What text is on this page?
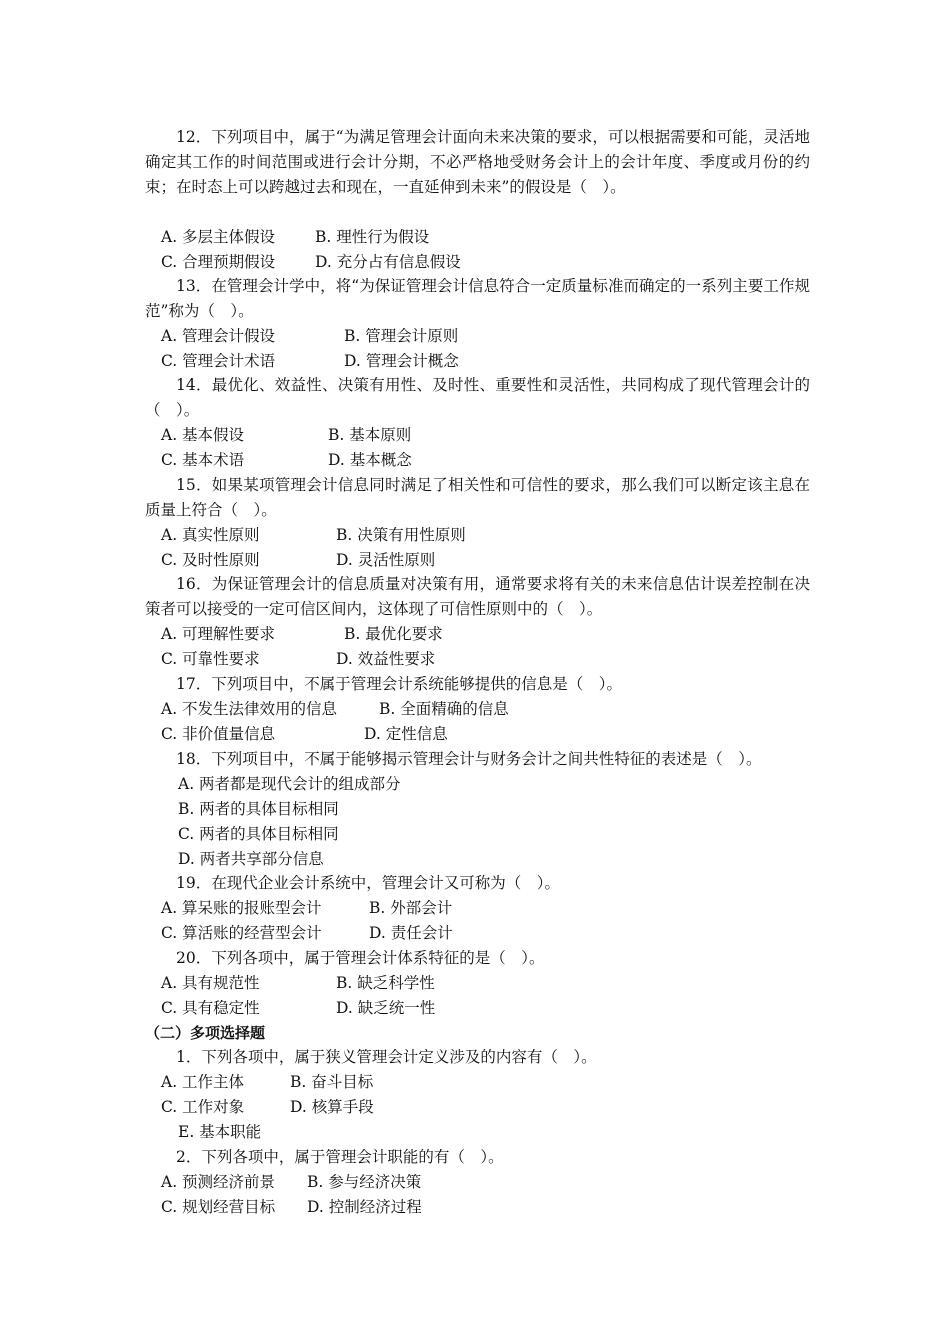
12．下列项目中，属于“为满足管理会计面向未来决策的要求，可以根据需要和可能，灵活地确定其工作的时间范围或进行会计分期，不必严格地受财务会计上的会计年度、季度或月份的约束；在时态上可以跨越过去和现在，一直延伸到未来”的假设是（　）。

A. 多层主体假设	B. 理性行为假设

C. 合理预期假设	D. 充分占有信息假设

13．在管理会计学中，将“为保证管理会计信息符合一定质量标准而确定的一系列主要工作规范”称为（　）。

A. 管理会计假设	B. 管理会计原则

C. 管理会计术语	D. 管理会计概念

14．最优化、效益性、决策有用性、及时性、重要性和灵活性，共同构成了现代管理会计的（　）。

A. 基本假设	B. 基本原则

C. 基本术语	D. 基本概念

15．如果某项管理会计信息同时满足了相关性和可信性的要求，那么我们可以断定该主息在质量上符合（　）。

A. 真实性原则	B. 决策有用性原则

C. 及时性原则	D. 灵活性原则

16．为保证管理会计的信息质量对决策有用，通常要求将有关的未来信息估计误差控制在决策者可以接受的一定可信区间内，这体现了可信性原则中的（　）。

A. 可理解性要求	B. 最优化要求

C. 可靠性要求	D. 效益性要求

17．下列项目中，不属于管理会计系统能够提供的信息是（　）。

A. 不发生法律效用的信息	B. 全面精确的信息

C. 非价值量信息	D. 定性信息

18．下列项目中，不属于能够揭示管理会计与财务会计之间共性特征的表述是（　）。

A. 两者都是现代会计的组成部分

B. 两者的具体目标相同

C. 两者的具体目标相同

D. 两者共享部分信息

19．在现代企业会计系统中，管理会计又可称为（　）。

A. 算呆账的报账型会计	B. 外部会计

C. 算活账的经营型会计	D. 责任会计

20．下列各项中，属于管理会计体系特征的是（　）。

A. 具有规范性	B. 缺乏科学性

C. 具有稳定性	D. 缺乏统一性

（二）多项选择题

1．下列各项中，属于狭义管理会计定义涉及的内容有（　）。

A. 工作主体	B. 奋斗目标

C. 工作对象	D. 核算手段

E. 基本职能

2．下列各项中，属于管理会计职能的有（　）。

A. 预测经济前景 B. 参与经济决策

C. 规划经营目标 D. 控制经济过程
